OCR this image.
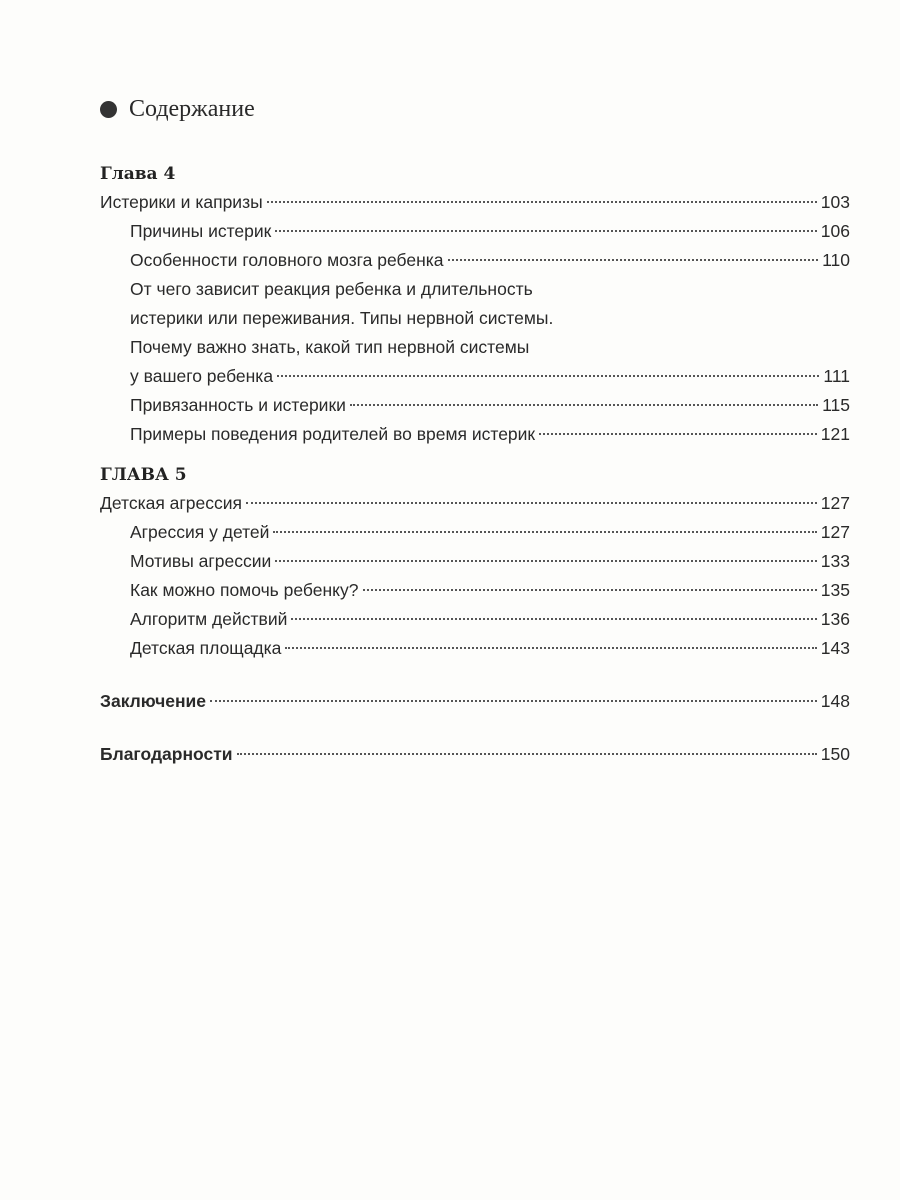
Содержание
Глава 4
Истерики и капризы	103
Причины истерик	106
Особенности головного мозга ребенка	110
От чего зависит реакция ребенка и длительность
истерики или переживания. Типы нервной системы.
Почему важно знать, какой тип нервной системы
у вашего ребенка	111
Привязанность и истерики	115
Примеры поведения родителей во время истерик	121
ГЛАВА 5
Детская агрессия	127
Агрессия у детей	127
Мотивы агрессии	133
Как можно помочь ребенку?	135
Алгоритм действий	136
Детская площадка	143
Заключение	148
Благодарности	150
